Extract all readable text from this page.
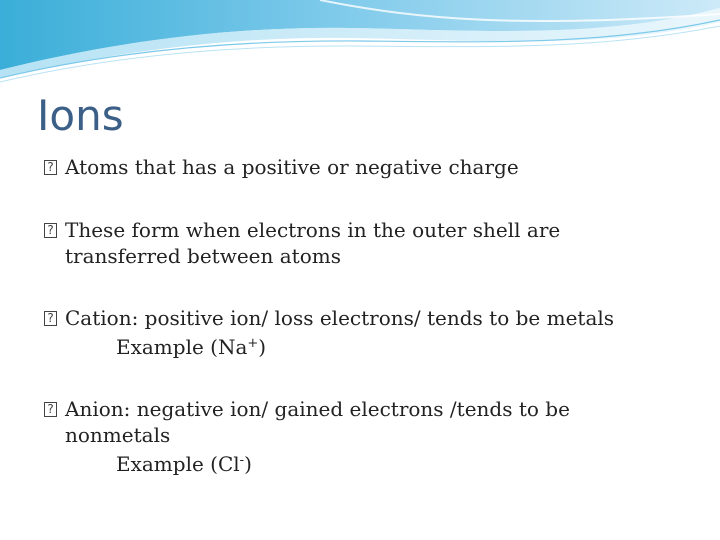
Ions
? Atoms that has a positive or negative charge
? These form when electrons in the outer shell are
transferred between atoms
? Cation: positive ion/ loss electrons/ tends to be metals
Example (Na+)
? Anion: negative ion/ gained electrons /tends to be
nonmetals
Example (Cl-)
